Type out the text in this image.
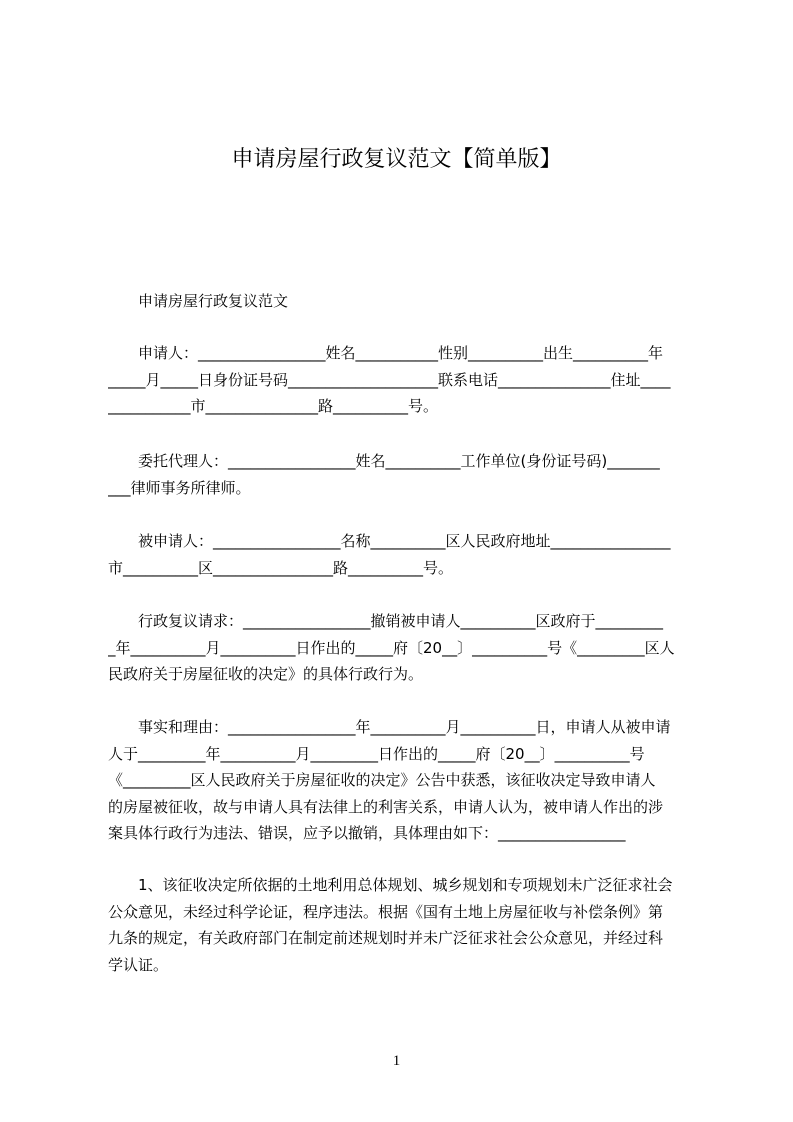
申请房屋行政复议范文【简单版】
申请房屋行政复议范文
申请人：_________________姓名___________性别__________出生__________年
_____月_____日身份证号码____________________联系电话_______________住址____
___________市_______________路__________号。
委托代理人：_________________姓名__________工作单位(身份证号码)_______
___律师事务所律师。
被申请人：_________________名称__________区人民政府地址________________
市__________区________________路__________号。
行政复议请求：_________________撤销被申请人__________区政府于_________
_年__________月__________日作出的_____府〔20__〕__________号《_________区人
民政府关于房屋征收的决定》的具体行政行为。
事实和理由：_________________年__________月__________日，申请人从被申请
人于_________年__________月_________日作出的_____府〔20__〕__________号
《_________区人民政府关于房屋征收的决定》公告中获悉，该征收决定导致申请人
的房屋被征收，故与申请人具有法律上的利害关系，申请人认为，被申请人作出的涉
案具体行政行为违法、错误，应予以撤销，具体理由如下：_________________
1、该征收决定所依据的土地利用总体规划、城乡规划和专项规划未广泛征求社会
公众意见，未经过科学论证，程序违法。根据《国有土地上房屋征收与补偿条例》第
九条的规定，有关政府部门在制定前述规划时并未广泛征求社会公众意见，并经过科
学认证。
1
